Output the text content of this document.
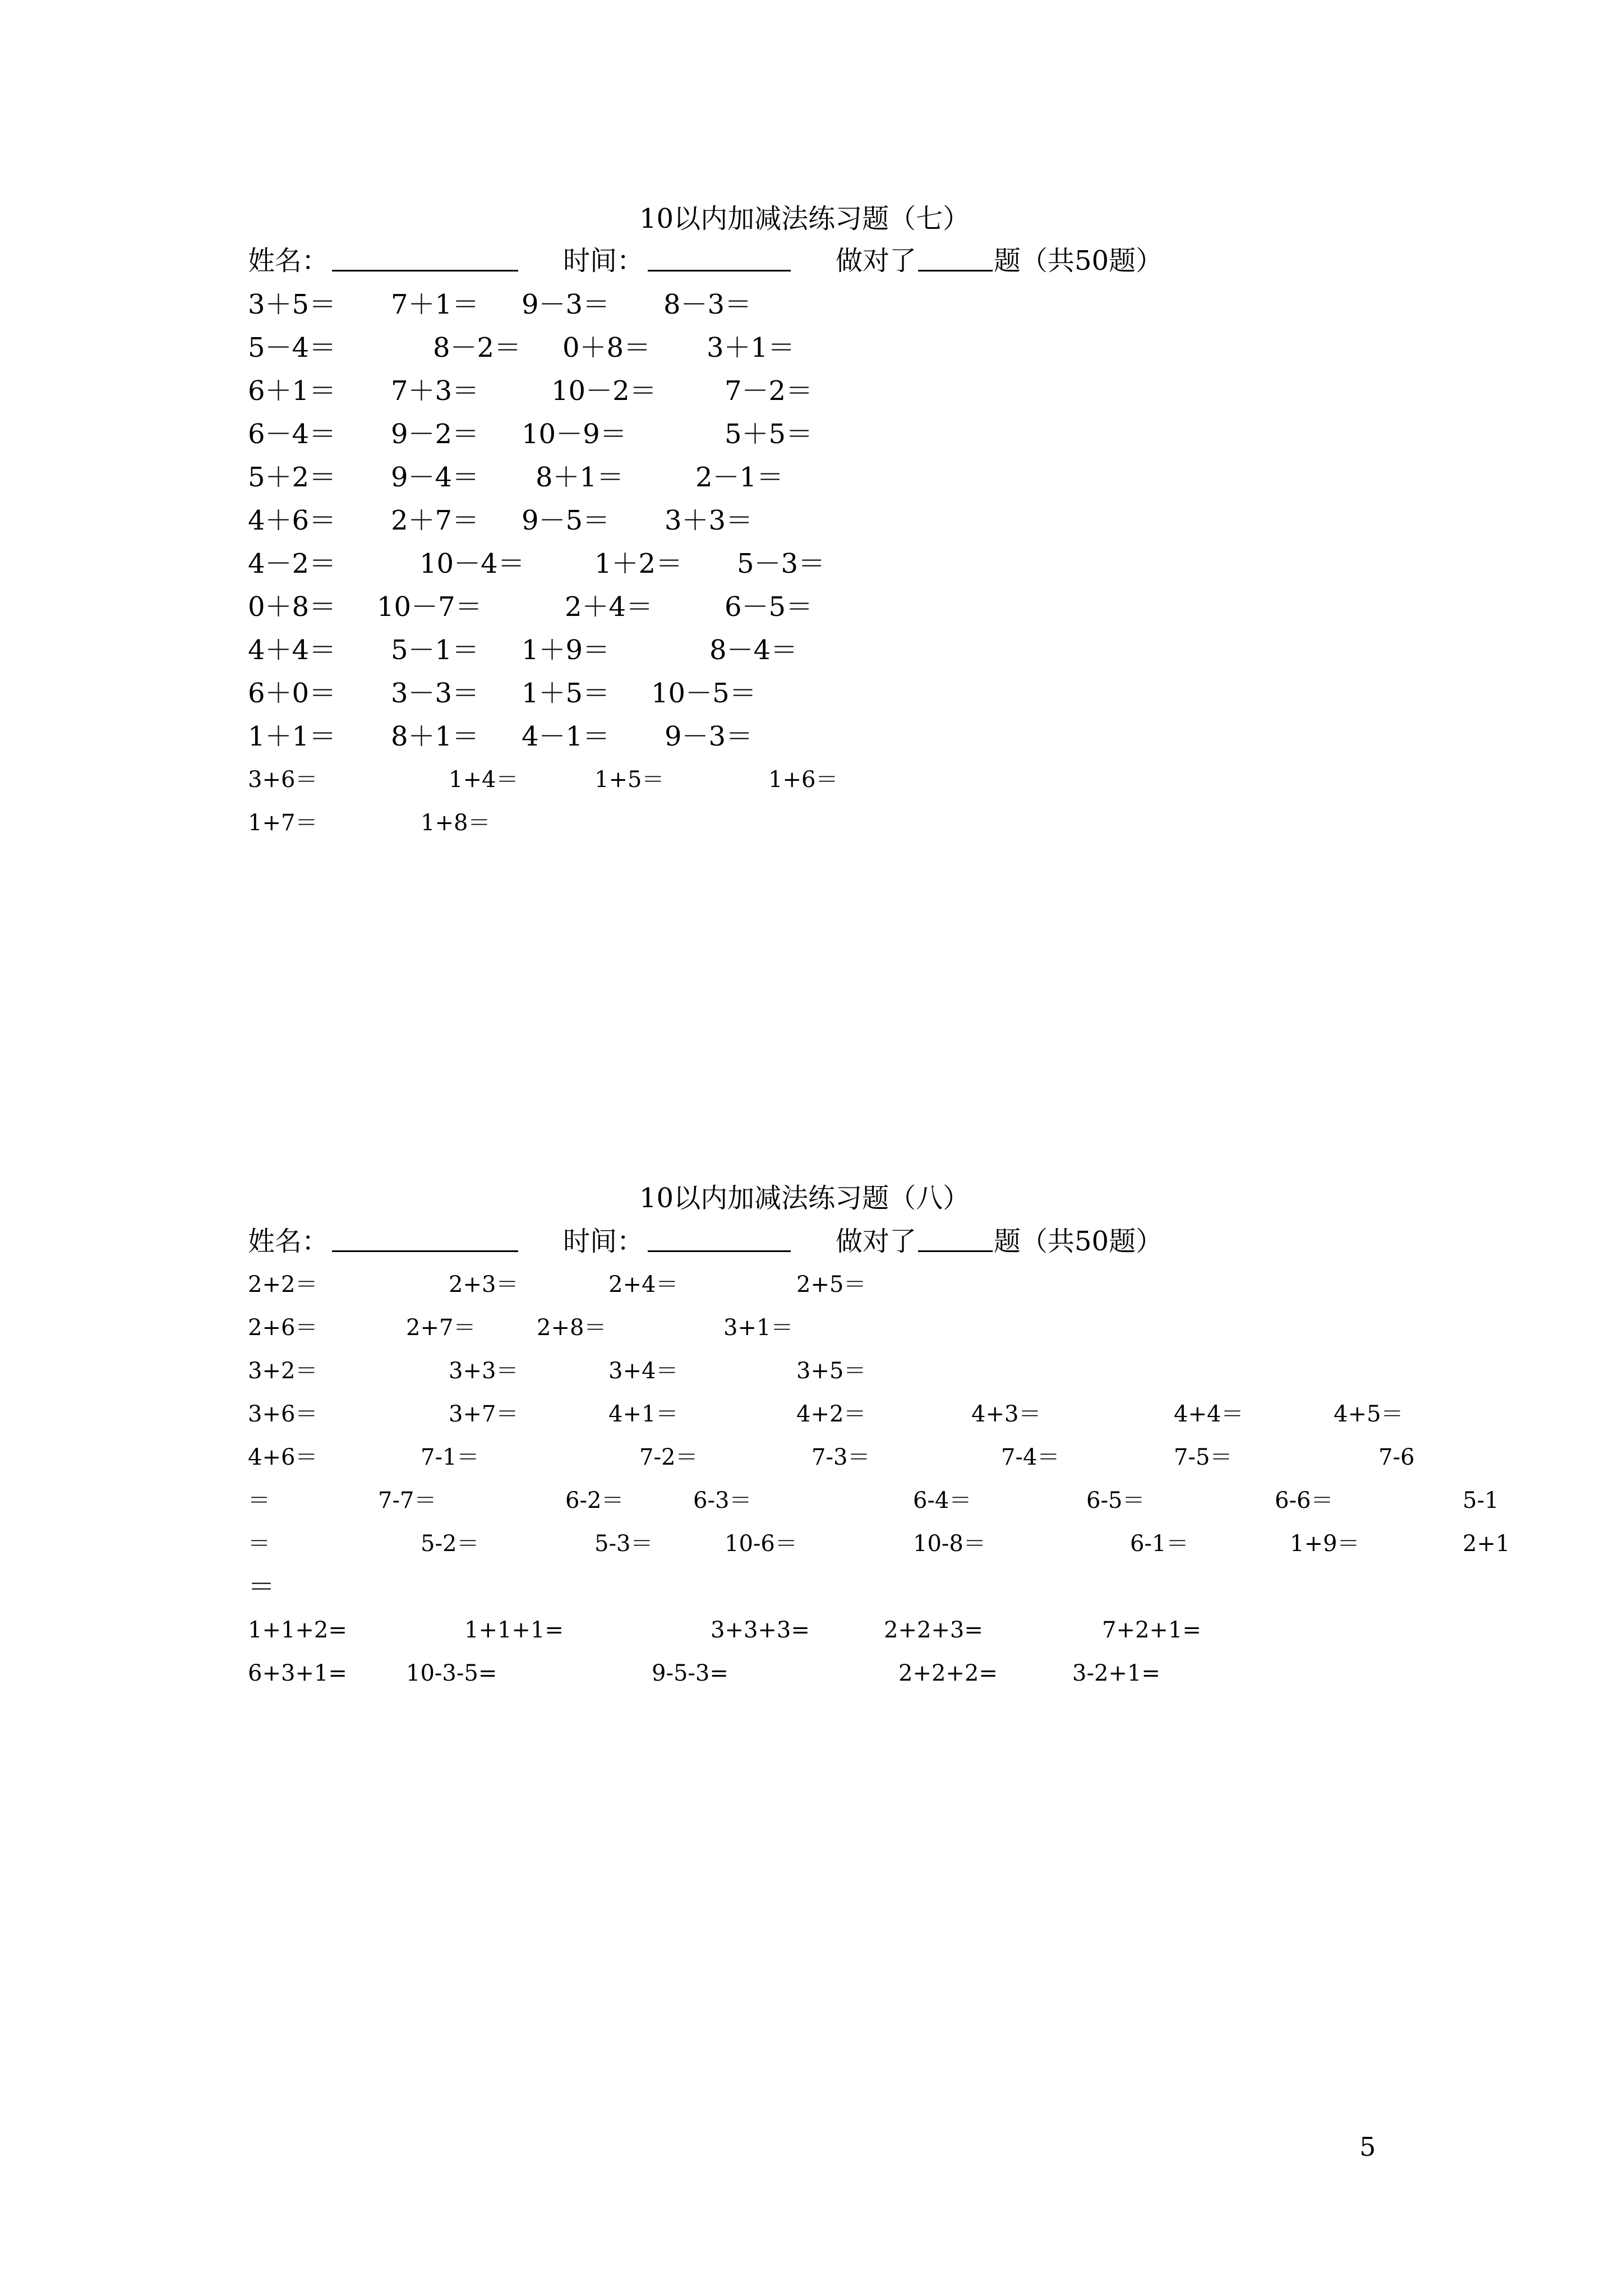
10以内加减法练习题（七）
姓名：	时间：	做对了	题（共50题）
3＋5＝ 7＋1＝ 9－3＝ 8－3＝
5－4＝	8－2＝ 0＋8＝ 3＋1＝
6＋1＝ 7＋3＝	10－2＝	7－2＝
6－4＝ 9－2＝ 10－9＝	5＋5＝
5＋2＝ 9－4＝ 8＋1＝	2－1＝
4＋6＝ 2＋7＝ 9－5＝ 3＋3＝
4－2＝	10－4＝	1＋2＝ 5－3＝
0＋8＝ 10－7＝	2＋4＝	6－5＝
4＋4＝ 5－1＝ 1＋9＝	8－4＝
6＋0＝ 3－3＝ 1＋5＝ 10－5＝
1＋1＝ 8＋1＝ 4－1＝ 9－3＝
3+6＝	1+4＝	1+5＝	1+6＝
1+7＝	1+8＝
10以内加减法练习题（八）
姓名：	时间：	做对了	题（共50题）
2+2＝	2+3＝	2+4＝	2+5＝
2+6＝	2+7＝	2+8＝	3+1＝
3+2＝	3+3＝	3+4＝	3+5＝
3+6＝	3+7＝	4+1＝	4+2＝	4+3＝	4+4＝	4+5＝
4+6＝	7-1＝	7-2＝	7-3＝	7-4＝	7-5＝	7-6
＝	7-7＝	6-2＝	6-3＝	6-4＝	6-5＝	6-6＝	5-1
＝	5-2＝	5-3＝	10-6＝	10-8＝	6-1＝	1+9＝	2+1
＝
1+1+2=	1+1+1=	3+3+3=	2+2+3=	7+2+1=
6+3+1=	10-3-5=	9-5-3=	2+2+2=	3-2+1=
5
